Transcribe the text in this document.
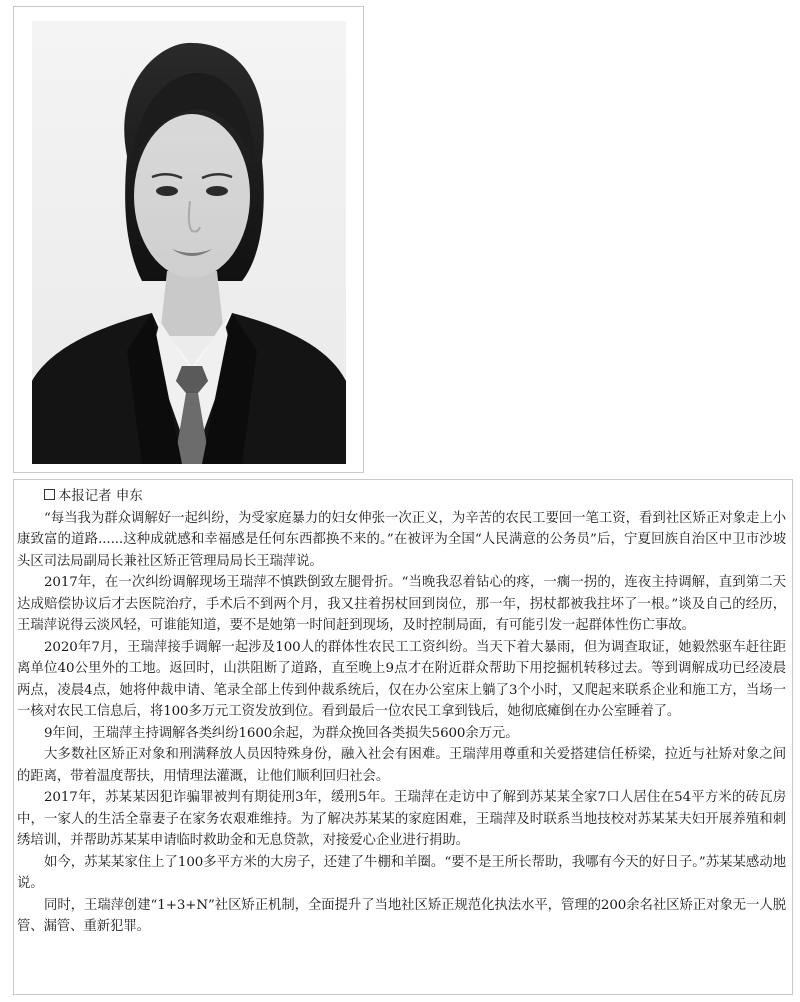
本报记者 申东

“每当我为群众调解好一起纠纷，为受家庭暴力的妇女伸张一次正义，为辛苦的农民工要回一笔工资，看到社区矫正对象走上小康致富的道路......这种成就感和幸福感是任何东西都换不来的。”在被评为全国“人民满意的公务员”后，宁夏回族自治区中卫市沙坡头区司法局副局长兼社区矫正管理局局长王瑞萍说。

2017年，在一次纠纷调解现场王瑞萍不慎跌倒致左腿骨折。“当晚我忍着钻心的疼，一瘸一拐的，连夜主持调解，直到第二天达成赔偿协议后才去医院治疗，手术后不到两个月，我又拄着拐杖回到岗位，那一年，拐杖都被我拄坏了一根。”谈及自己的经历，王瑞萍说得云淡风轻，可谁能知道，要不是她第一时间赶到现场，及时控制局面，有可能引发一起群体性伤亡事故。

2020年7月，王瑞萍接手调解一起涉及100人的群体性农民工工资纠纷。当天下着大暴雨，但为调查取证，她毅然驱车赶往距离单位40公里外的工地。返回时，山洪阻断了道路，直至晚上9点才在附近群众帮助下用挖掘机转移过去。等到调解成功已经凌晨两点，凌晨4点，她将仲裁申请、笔录全部上传到仲裁系统后，仅在办公室床上躺了3个小时，又爬起来联系企业和施工方，当场一一核对农民工信息后，将100多万元工资发放到位。看到最后一位农民工拿到钱后，她彻底瘫倒在办公室睡着了。

9年间，王瑞萍主持调解各类纠纷1600余起，为群众挽回各类损失5600余万元。

大多数社区矫正对象和刑满释放人员因特殊身份，融入社会有困难。王瑞萍用尊重和关爱搭建信任桥梁，拉近与社矫对象之间的距离，带着温度帮扶，用情理法灌溉，让他们顺利回归社会。

2017年，苏某某因犯诈骗罪被判有期徒刑3年，缓刑5年。王瑞萍在走访中了解到苏某某全家7口人居住在54平方米的砖瓦房中，一家人的生活全靠妻子在家务农艰难维持。为了解决苏某某的家庭困难，王瑞萍及时联系当地技校对苏某某夫妇开展养殖和刺绣培训，并帮助苏某某申请临时救助金和无息贷款，对接爱心企业进行捐助。

如今，苏某某家住上了100多平方米的大房子，还建了牛棚和羊圈。“要不是王所长帮助，我哪有今天的好日子。”苏某某感动地说。

同时，王瑞萍创建“1+3+N”社区矫正机制，全面提升了当地社区矫正规范化执法水平，管理的200余名社区矫正对象无一人脱管、漏管、重新犯罪。
